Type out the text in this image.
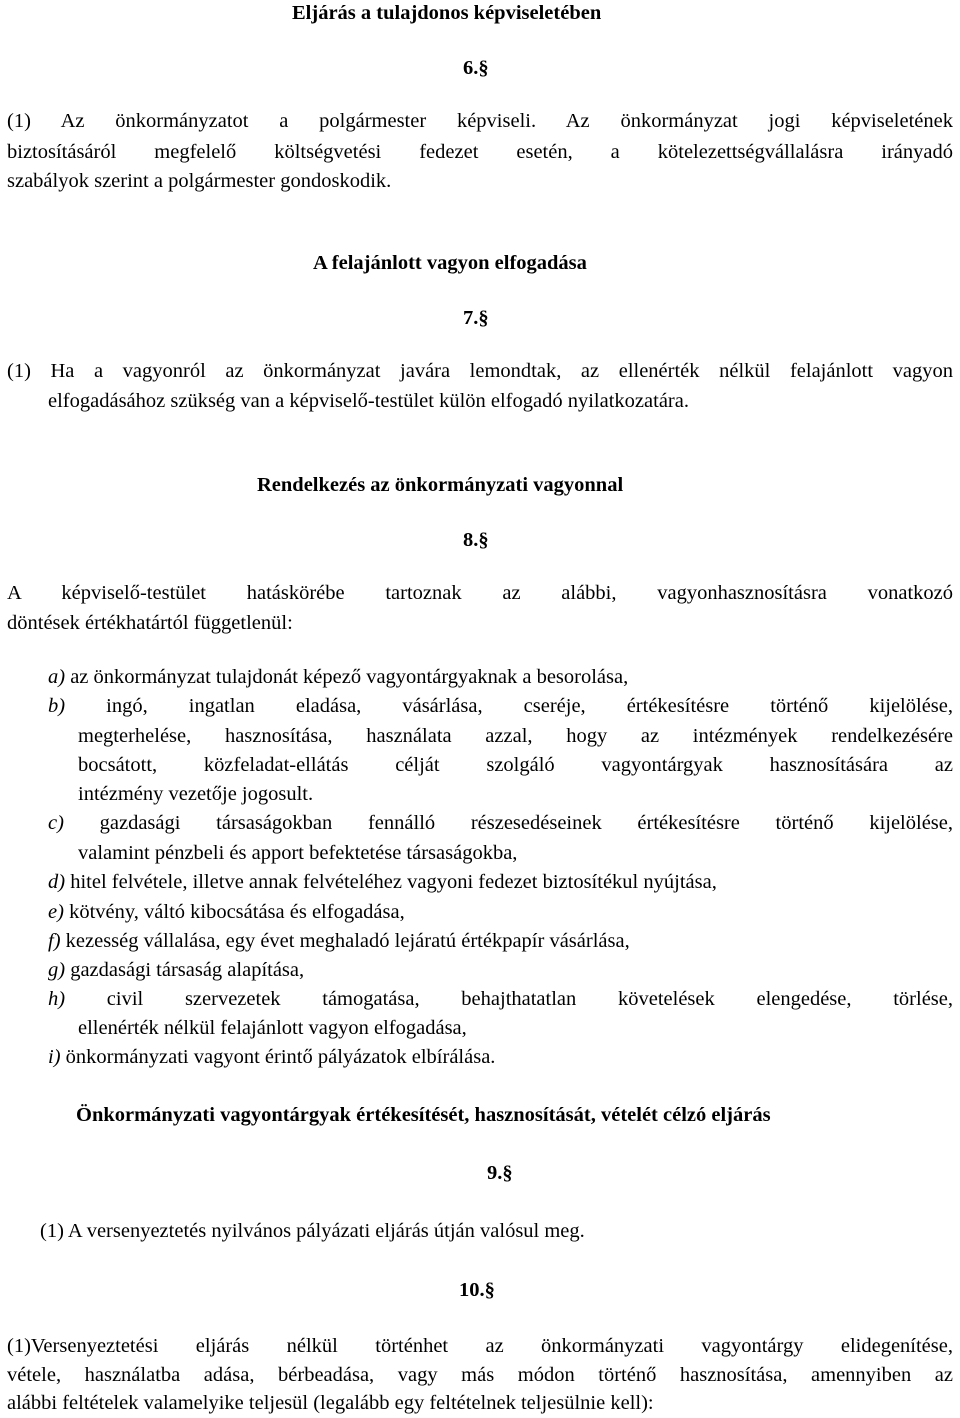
Eljárás a tulajdonos képviseletében
6.§
(1) Az önkormányzatot a polgármester képviseli. Az önkormányzat jogi képviseletének
biztosításáról megfelelő költségvetési fedezet esetén, a kötelezettségvállalásra irányadó
szabályok szerint a polgármester gondoskodik.
A felajánlott vagyon elfogadása
7.§
(1) Ha a vagyonról az önkormányzat javára lemondtak, az ellenérték nélkül felajánlott vagyon
elfogadásához szükség van a képviselő-testület külön elfogadó nyilatkozatára.
Rendelkezés az önkormányzati vagyonnal
8.§
A képviselő-testület hatáskörébe tartoznak az alábbi, vagyonhasznosításra vonatkozó
döntések értékhatártól függetlenül:
a) az önkormányzat tulajdonát képező vagyontárgyaknak a besorolása,
b) ingó, ingatlan eladása, vásárlása, cseréje, értékesítésre történő kijelölése,
megterhelése, hasznosítása, használata azzal, hogy az intézmények rendelkezésére
bocsátott, közfeladat-ellátás célját szolgáló vagyontárgyak hasznosítására az
intézmény vezetője jogosult.
c) gazdasági társaságokban fennálló részesedéseinek értékesítésre történő kijelölése,
valamint pénzbeli és apport befektetése társaságokba,
d) hitel felvétele, illetve annak felvételéhez vagyoni fedezet biztosítékul nyújtása,
e) kötvény, váltó kibocsátása és elfogadása,
f) kezesség vállalása, egy évet meghaladó lejáratú értékpapír vásárlása,
g) gazdasági társaság alapítása,
h) civil szervezetek támogatása, behajthatatlan követelések elengedése, törlése,
ellenérték nélkül felajánlott vagyon elfogadása,
i) önkormányzati vagyont érintő pályázatok elbírálása.
Önkormányzati vagyontárgyak értékesítését, hasznosítását, vételét célzó eljárás
9.§
(1) A versenyeztetés nyilvános pályázati eljárás útján valósul meg.
10.§
(1)Versenyeztetési eljárás nélkül történhet az önkormányzati vagyontárgy elidegenítése,
vétele, használatba adása, bérbeadása, vagy más módon történő hasznosítása, amennyiben az
alábbi feltételek valamelyike teljesül (legalább egy feltételnek teljesülnie kell):
